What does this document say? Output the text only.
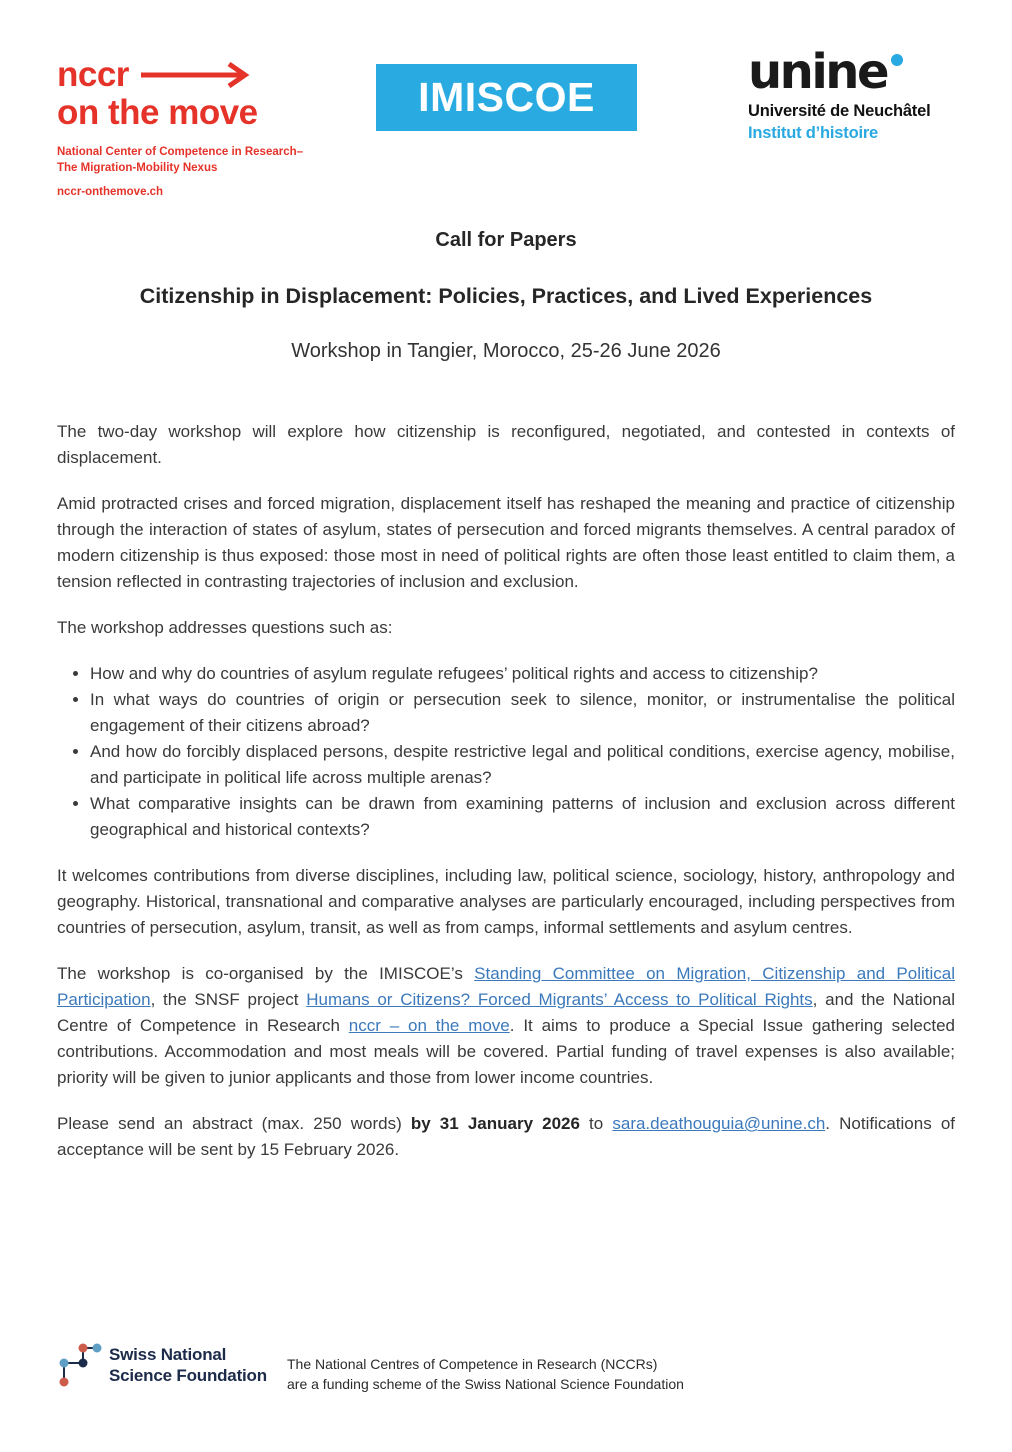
nccr
on the move
National Center of Competence in Research–
The Migration-Mobility Nexus
nccr-onthemove.ch
IMISCOE	unine
Université de Neuchâtel
Institut d’histoire
Call for Papers
Citizenship in Displacement: Policies, Practices, and Lived Experiences
Workshop in Tangier, Morocco, 25-26 June 2026

The two-day workshop will explore how citizenship is reconfigured, negotiated, and contested in contexts of displacement.

Amid protracted crises and forced migration, displacement itself has reshaped the meaning and practice of citizenship through the interaction of states of asylum, states of persecution and forced migrants themselves. A central paradox of modern citizenship is thus exposed: those most in need of political rights are often those least entitled to claim them, a tension reflected in contrasting trajectories of inclusion and exclusion.

The workshop addresses questions such as:

• How and why do countries of asylum regulate refugees’ political rights and access to citizenship?
• In what ways do countries of origin or persecution seek to silence, monitor, or instrumentalise the political engagement of their citizens abroad?
• And how do forcibly displaced persons, despite restrictive legal and political conditions, exercise agency, mobilise, and participate in political life across multiple arenas?
• What comparative insights can be drawn from examining patterns of inclusion and exclusion across different geographical and historical contexts?

It welcomes contributions from diverse disciplines, including law, political science, sociology, history, anthropology and geography. Historical, transnational and comparative analyses are particularly encouraged, including perspectives from countries of persecution, asylum, transit, as well as from camps, informal settlements and asylum centres.

The workshop is co-organised by the IMISCOE’s Standing Committee on Migration, Citizenship and Political Participation, the SNSF project Humans or Citizens? Forced Migrants’ Access to Political Rights, and the National Centre of Competence in Research nccr – on the move. It aims to produce a Special Issue gathering selected contributions. Accommodation and most meals will be covered. Partial funding of travel expenses is also available; priority will be given to junior applicants and those from lower income countries.

Please send an abstract (max. 250 words) by 31 January 2026 to sara.deathouguia@unine.ch. Notifications of acceptance will be sent by 15 February 2026.

Swiss National
Science Foundation
The National Centres of Competence in Research (NCCRs)
are a funding scheme of the Swiss National Science Foundation
